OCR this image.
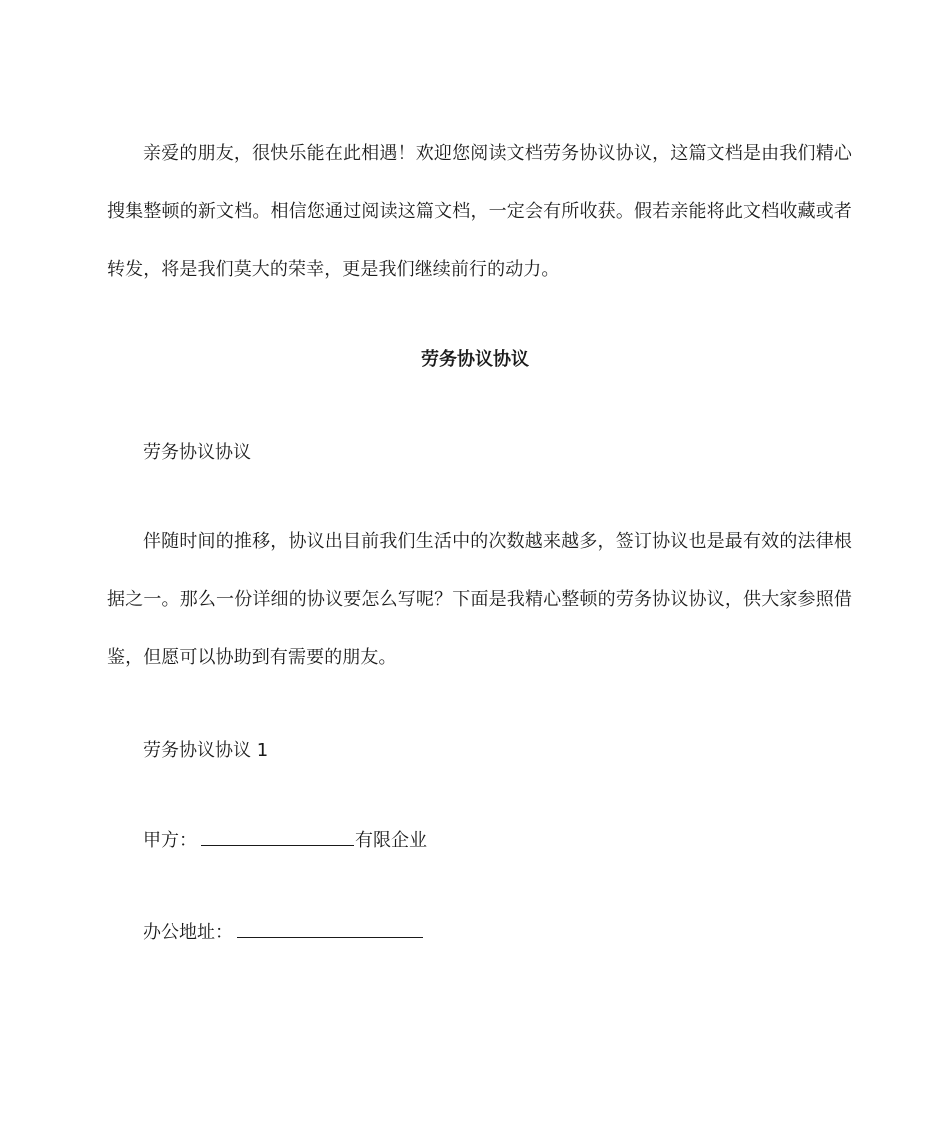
亲爱的朋友，很快乐能在此相遇！欢迎您阅读文档劳务协议协议，这篇文档是由我们精心搜集整顿的新文档。相信您通过阅读这篇文档，一定会有所收获。假若亲能将此文档收藏或者转发，将是我们莫大的荣幸，更是我们继续前行的动力。

劳务协议协议

劳务协议协议

伴随时间的推移，协议出目前我们生活中的次数越来越多，签订协议也是最有效的法律根据之一。那么一份详细的协议要怎么写呢？下面是我精心整顿的劳务协议协议，供大家参照借鉴，但愿可以协助到有需要的朋友。

劳务协议协议 1

甲方：	有限企业

办公地址：
